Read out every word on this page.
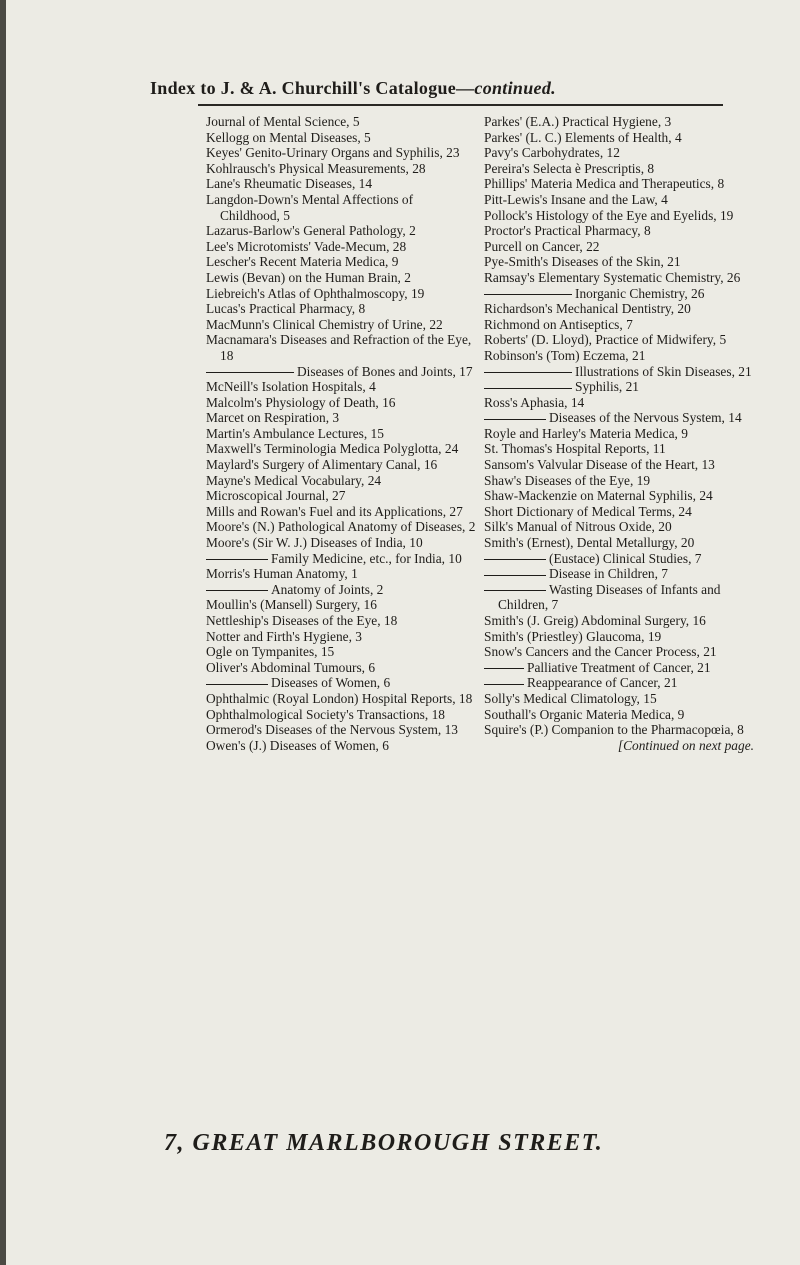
Index to J. & A. Churchill's Catalogue—continued.
Journal of Mental Science, 5
Kellogg on Mental Diseases, 5
Keyes' Genito-Urinary Organs and Syphilis, 23
Kohlrausch's Physical Measurements, 28
Lane's Rheumatic Diseases, 14
Langdon-Down's Mental Affections of Childhood, 5
Lazarus-Barlow's General Pathology, 2
Lee's Microtomists' Vade-Mecum, 28
Lescher's Recent Materia Medica, 9
Lewis (Bevan) on the Human Brain, 2
Liebreich's Atlas of Ophthalmoscopy, 19
Lucas's Practical Pharmacy, 8
MacMunn's Clinical Chemistry of Urine, 22
Macnamara's Diseases and Refraction of the Eye, 18
Diseases of Bones and Joints, 17
McNeill's Isolation Hospitals, 4
Malcolm's Physiology of Death, 16
Marcet on Respiration, 3
Martin's Ambulance Lectures, 15
Maxwell's Terminologia Medica Polyglotta, 24
Maylard's Surgery of Alimentary Canal, 16
Mayne's Medical Vocabulary, 24
Microscopical Journal, 27
Mills and Rowan's Fuel and its Applications, 27
Moore's (N.) Pathological Anatomy of Diseases, 2
Moore's (Sir W. J.) Diseases of India, 10
Family Medicine, etc., for India, 10
Morris's Human Anatomy, 1
Anatomy of Joints, 2
Moullin's (Mansell) Surgery, 16
Nettleship's Diseases of the Eye, 18
Notter and Firth's Hygiene, 3
Ogle on Tympanites, 15
Oliver's Abdominal Tumours, 6
Diseases of Women, 6
Ophthalmic (Royal London) Hospital Reports, 18
Ophthalmological Society's Transactions, 18
Ormerod's Diseases of the Nervous System, 13
Owen's (J.) Diseases of Women, 6
Parkes' (E.A.) Practical Hygiene, 3
Parkes' (L. C.) Elements of Health, 4
Pavy's Carbohydrates, 12
Pereira's Selecta è Prescriptis, 8
Phillips' Materia Medica and Therapeutics, 8
Pitt-Lewis's Insane and the Law, 4
Pollock's Histology of the Eye and Eyelids, 19
Proctor's Practical Pharmacy, 8
Purcell on Cancer, 22
Pye-Smith's Diseases of the Skin, 21
Ramsay's Elementary Systematic Chemistry, 26
Inorganic Chemistry, 26
Richardson's Mechanical Dentistry, 20
Richmond on Antiseptics, 7
Roberts' (D. Lloyd), Practice of Midwifery, 5
Robinson's (Tom) Eczema, 21
Illustrations of Skin Diseases, 21
Syphilis, 21
Ross's Aphasia, 14
Diseases of the Nervous System, 14
Royle and Harley's Materia Medica, 9
St. Thomas's Hospital Reports, 11
Sansom's Valvular Disease of the Heart, 13
Shaw's Diseases of the Eye, 19
Shaw-Mackenzie on Maternal Syphilis, 24
Short Dictionary of Medical Terms, 24
Silk's Manual of Nitrous Oxide, 20
Smith's (Ernest), Dental Metallurgy, 20
(Eustace) Clinical Studies, 7
Disease in Children, 7
Wasting Diseases of Infants and Children, 7
Smith's (J. Greig) Abdominal Surgery, 16
Smith's (Priestley) Glaucoma, 19
Snow's Cancers and the Cancer Process, 21
Palliative Treatment of Cancer, 21
Reappearance of Cancer, 21
Solly's Medical Climatology, 15
Southall's Organic Materia Medica, 9
Squire's (P.) Companion to the Pharmacopœia, 8
[Continued on next page.
7, GREAT MARLBOROUGH STREET.
